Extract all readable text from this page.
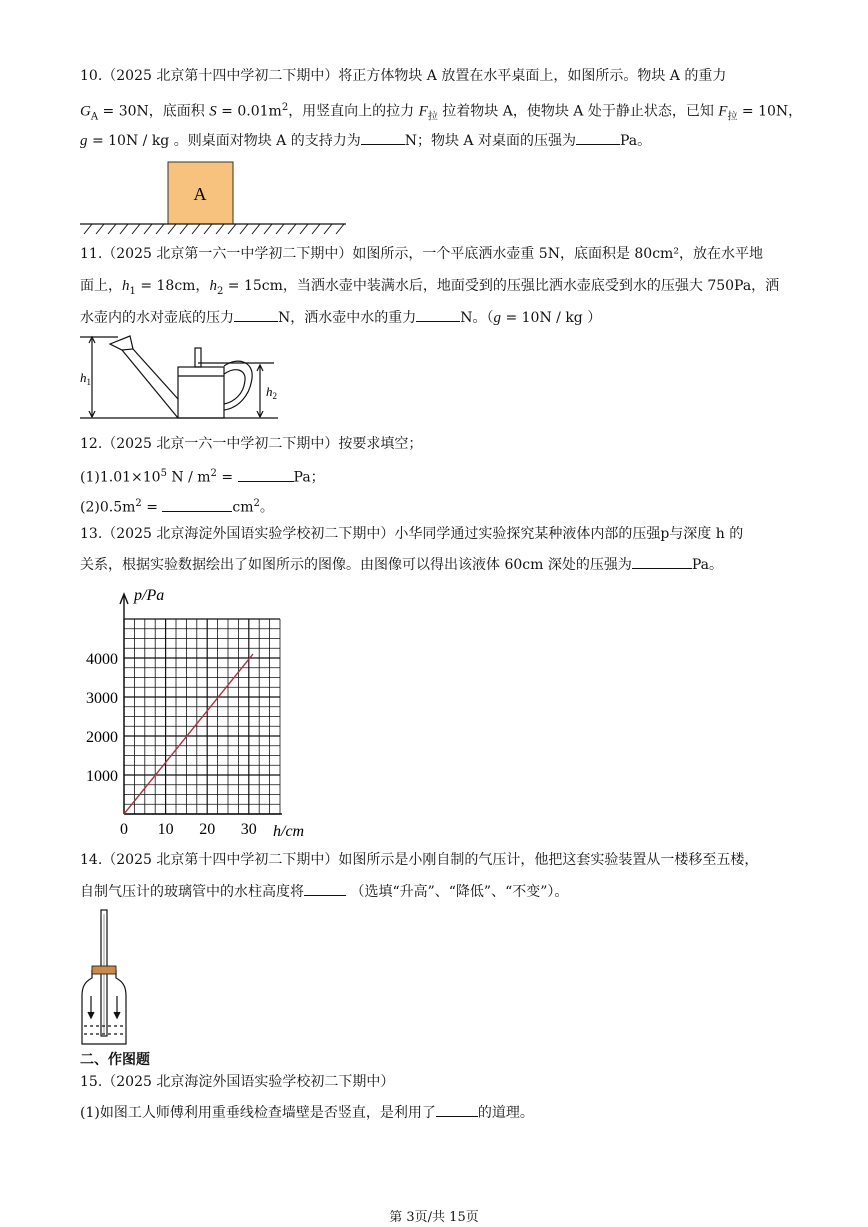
10.（2025 北京第十四中学初二下期中）将正方体物块 A 放置在水平桌面上，如图所示。物块 A 的重力
$G_A = 30N$，底面积 $S = 0.01m^2$，用竖直向上的拉力 $F_拉$ 拉着物块 A，使物块 A 处于静止状态，已知 $F_拉 = 10N$，
g = 10N / kg 。则桌面对物块 A 的支持力为	N；物块 A 对桌面的压强为	Pa。
A
11.（2025 北京第一六一中学初二下期中）如图所示，一个平底洒水壶重 5N，底面积是 80cm²，放在水平地
面上，$h_1 = 18cm$，$h_2 = 15cm$，当洒水壶中装满水后，地面受到的压强比洒水壶底受到水的压强大 750Pa，洒
水壶内的水对壶底的压力	N，洒水壶中水的重力	N。（g = 10N / kg ）
$h_1$
$h_2$
12.（2025 北京一六一中学初二下期中）按要求填空；
$(1)1.01\times 10^5$ N / $m^2$ =	Pa；
$(2)0.5m^2$ =	$cm^2$。
13.（2025 北京海淀外国语实验学校初二下期中）小华同学通过实验探究某种液体内部的压强p与深度 h 的
关系，根据实验数据绘出了如图所示的图像。由图像可以得出该液体 60cm 深处的压强为	Pa。
0 10 20 30
1000
2000
3000
4000
p/Pa
h/cm
14.（2025 北京第十四中学初二下期中）如图所示是小刚自制的气压计，他把这套实验装置从一楼移至五楼，
自制气压计的玻璃管中的水柱高度将	（选填“升高”、“降低”、“不变”）。
二、作图题
15.（2025 北京海淀外国语实验学校初二下期中）
(1)如图工人师傅利用重垂线检查墙壁是否竖直，是利用了	的道理。
第 3页/共 15页
